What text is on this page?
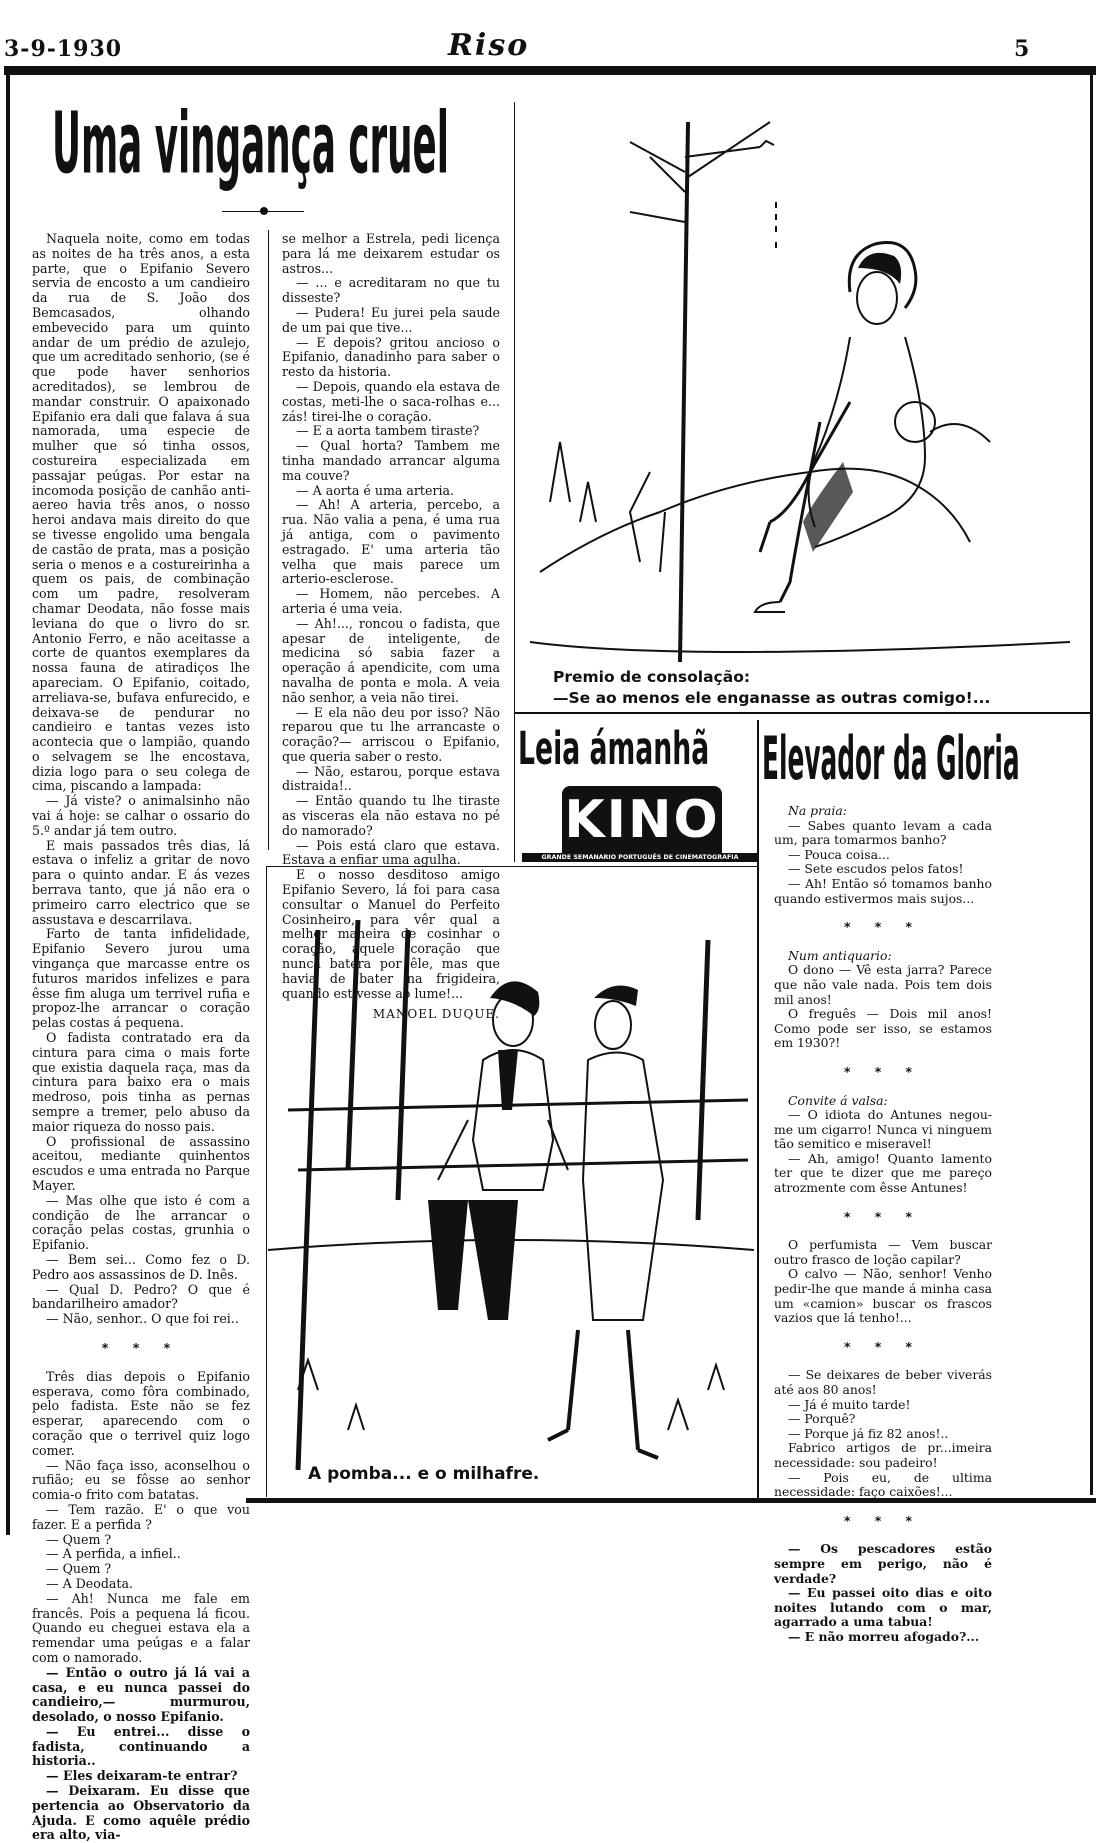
3-9-1930	Riso	5
Uma vingança cruel

Naquela noite, como em todas as noites de ha três anos, a esta parte, que o Epifanio Severo servia de encosto a um candieiro da rua de S. João dos Bemcasados, olhando embevecido para um quinto andar de um prédio de azulejo, que um acreditado senhorio, (se é que pode haver senhorios acreditados), se lembrou de mandar construir. O apaixonado Epifanio era dali que falava á sua namorada, uma especie de mulher que só tinha ossos, costureira especializada em passajar peúgas. Por estar na incomoda posição de canhão anti-aereo havia três anos, o nosso heroi andava mais direito do que se tivesse engolido uma bengala de castão de prata, mas a posição seria o menos e a costureirinha a quem os pais, de combinação com um padre, resolveram chamar Deodata, não fosse mais leviana do que o livro do sr. Antonio Ferro, e não aceitasse a corte de quantos exemplares da nossa fauna de atiradiços lhe apareciam. O Epifanio, coitado, arreliava-se, bufava enfurecido, e deixava-se de pendurar no candieiro e tantas vezes isto acontecia que o lampião, quando o selvagem se lhe encostava, dizia logo para o seu colega de cima, piscando a lampada:

— Já viste? o animalsinho não vai á hoje: se calhar o ossario do 5.º andar já tem outro.

E mais passados três dias, lá estava o infeliz a gritar de novo para o quinto andar. E ás vezes berrava tanto, que já não era o primeiro carro electrico que se assustava e descarrilava.

Farto de tanta infidelidade, Epifanio Severo jurou uma vingança que marcasse entre os futuros maridos infelizes e para êsse fim aluga um terrivel rufia e propoz-lhe arrancar o coração pelas costas á pequena.

O fadista contratado era da cintura para cima o mais forte que existia daquela raça, mas da cintura para baixo era o mais medroso, pois tinha as pernas sempre a tremer, pelo abuso da maior riqueza do nosso pais.

O profissional de assassino aceitou, mediante quinhentos escudos e uma entrada no Parque Mayer.

— Mas olhe que isto é com a condição de lhe arrancar o coração pelas costas, grunhia o Epifanio.

— Bem sei... Como fez o D. Pedro aos assassinos de D. Inês.

— Qual D. Pedro? O que é bandarilheiro amador?

— Não, senhor.. O que foi rei..

* * *

Três dias depois o Epifanio esperava, como fôra combinado, pelo fadista. Este não se fez esperar, aparecendo com o coração que o terrivel quiz logo comer.

— Não faça isso, aconselhou o rufião; eu se fôsse ao senhor comia-o frito com batatas.

— Tem razão. E' o que vou fazer. E a perfida ?

— Quem ?

— A perfida, a infiel..

— Quem ?

— A Deodata.

— Ah! Nunca me fale em francês. Pois a pequena lá ficou. Quando eu cheguei estava ela a remendar uma peúgas e a falar com o namorado.

— Então o outro já lá vai a casa, e eu nunca passei do candieiro,— murmurou, desolado, o nosso Epifanio.

— Eu entrei... disse o fadista, continuando a historia..

— Eles deixaram-te entrar?

— Deixaram. Eu disse que pertencia ao Observatorio da Ajuda. E como aquêle prédio era alto, via-

se melhor a Estrela, pedi licença para lá me deixarem estudar os astros...

— ... e acreditaram no que tu disseste?

— Pudera! Eu jurei pela saude de um pai que tive...

— E depois? gritou ancioso o Epifanio, danadinho para saber o resto da historia.

— Depois, quando ela estava de costas, meti-lhe o saca-rolhas e... zás! tirei-lhe o coração.

— E a aorta tambem tiraste?

— Qual horta? Tambem me tinha mandado arrancar alguma ma couve?

— A aorta é uma arteria.

— Ah! A arteria, percebo, a rua. Não valia a pena, é uma rua já antiga, com o pavimento estragado. E' uma arteria tão velha que mais parece um arterio-esclerose.

— Homem, não percebes. A arteria é uma veia.

— Ah!..., roncou o fadista, que apesar de inteligente, de medicina só sabia fazer a operação á apendicite, com uma navalha de ponta e mola. A veia não senhor, a veia não tirei.

— E ela não deu por isso? Não reparou que tu lhe arrancaste o coração?— arriscou o Epifanio, que queria saber o resto.

— Não, estarou, porque estava distraida!..

— Então quando tu lhe tiraste as visceras ela não estava no pé do namorado?

— Pois está claro que estava. Estava a enfiar uma agulha.

E o nosso desditoso amigo Epifanio Severo, lá foi para casa consultar o Manuel do Perfeito Cosinheiro, para vêr qual a melhor maneira de cosinhar o coração, aquele coração que nunca batera por êle, mas que havia de bater na frigideira, quando estivesse ao lume!...

MANOEL DUQUE.
Premio de consolação:
—Se ao menos ele enganasse as outras comigo!...
Leia ámanhã
KINO
GRANDE SEMANARIO PORTUGUÊS DE CINEMATOGRAFIA
Elevador da Gloria

Na praia:

— Sabes quanto levam a cada um, para tomarmos banho?

— Pouca coisa...

— Sete escudos pelos fatos!

— Ah! Então só tomamos banho quando estivermos mais sujos...

* * *

Num antiquario:

O dono — Vê esta jarra? Parece que não vale nada. Pois tem dois mil anos!

O freguês — Dois mil anos! Como pode ser isso, se estamos em 1930?!

* * *

Convite á valsa:

— O idiota do Antunes negou-me um cigarro! Nunca vi ninguem tão semitico e miseravel!

— Ah, amigo! Quanto lamento ter que te dizer que me pareço atrozmente com êsse Antunes!

* * *

O perfumista — Vem buscar outro frasco de loção capilar?

O calvo — Não, senhor! Venho pedir-lhe que mande á minha casa um «camion» buscar os frascos vazios que lá tenho!...

* * *

— Se deixares de beber viverás até aos 80 anos!

— Já é muito tarde!

— Porquê?

— Porque já fiz 82 anos!..

Fabrico artigos de pr...imeira necessidade: sou padeiro!

— Pois eu, de ultima necessidade: faço caixões!...

* * *

— Os pescadores estão sempre em perigo, não é verdade?

— Eu passei oito dias e oito noites lutando com o mar, agarrado a uma tabua!

— E não morreu afogado?...

A pomba... e o milhafre.
